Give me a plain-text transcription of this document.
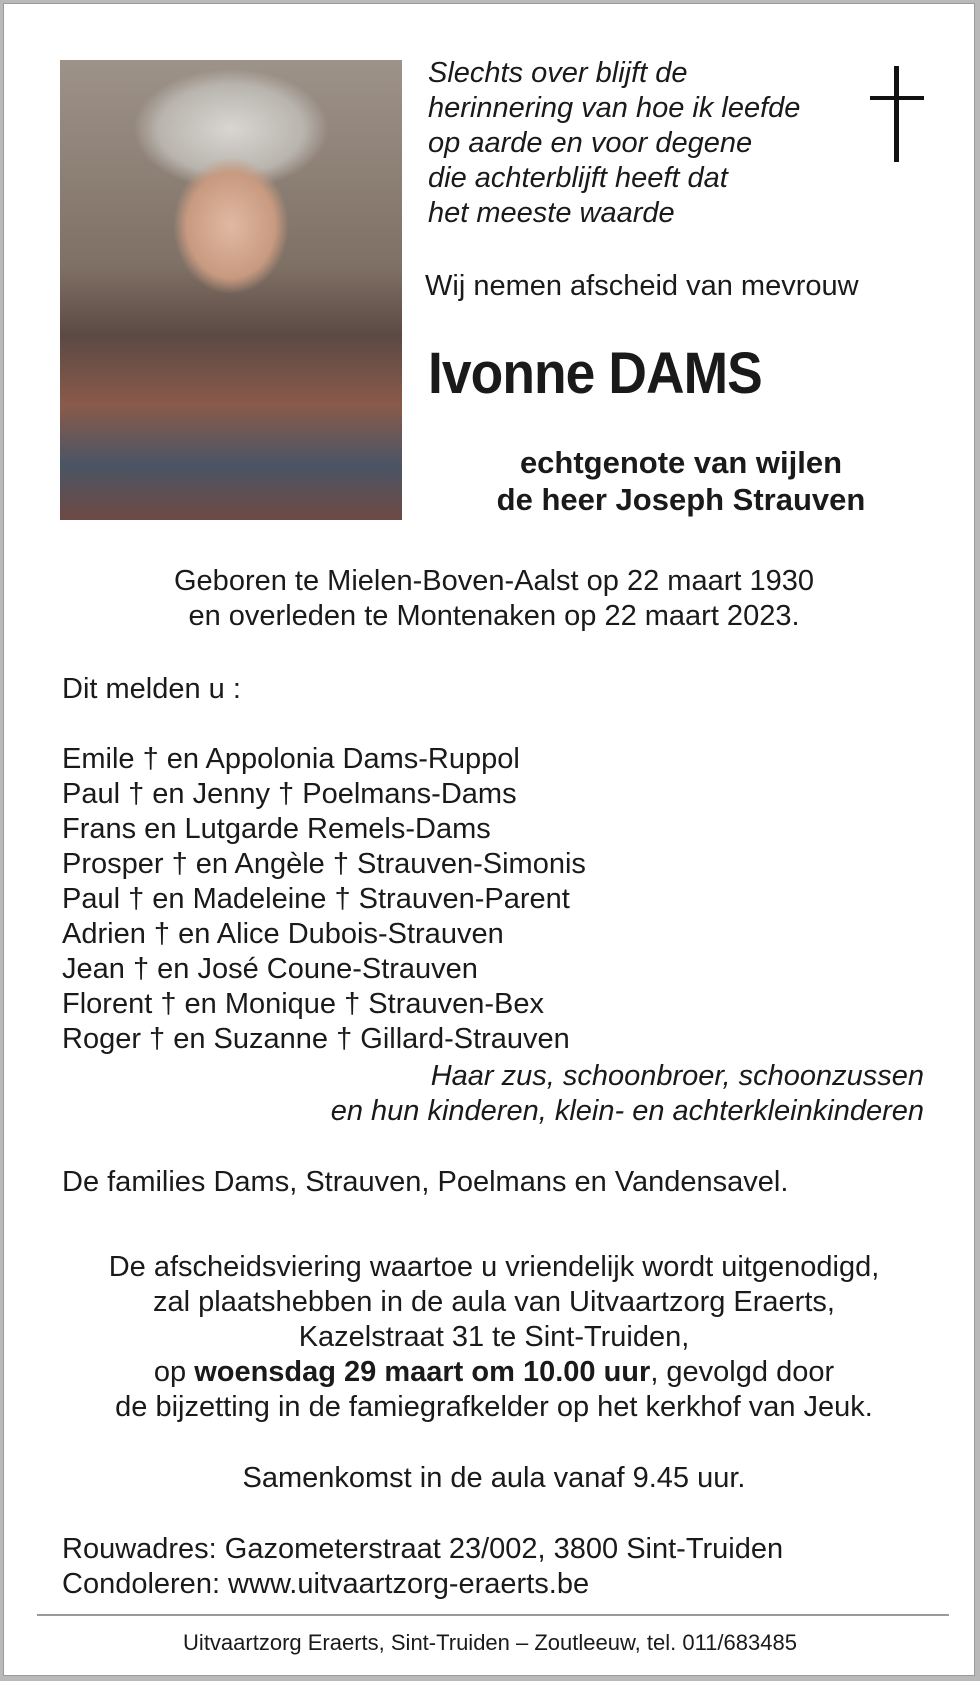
Slechts over blijft de
herinnering van hoe ik leefde
op aarde en voor degene
die achterblijft heeft dat
het meeste waarde
Wij nemen afscheid van mevrouw
Ivonne DAMS
echtgenote van wijlen
de heer Joseph Strauven
Geboren te Mielen-Boven-Aalst op 22 maart 1930
en overleden te Montenaken op 22 maart 2023.
Dit melden u :
Emile † en Appolonia Dams-Ruppol
Paul † en Jenny † Poelmans-Dams
Frans en Lutgarde Remels-Dams
Prosper † en Angèle † Strauven-Simonis
Paul † en Madeleine † Strauven-Parent
Adrien † en Alice Dubois-Strauven
Jean † en José Coune-Strauven
Florent † en Monique † Strauven-Bex
Roger † en Suzanne † Gillard-Strauven
Haar zus, schoonbroer, schoonzussen
en hun kinderen, klein- en achterkleinkinderen
De families Dams, Strauven, Poelmans en Vandensavel.
De afscheidsviering waartoe u vriendelijk wordt uitgenodigd,
zal plaatshebben in de aula van Uitvaartzorg Eraerts,
Kazelstraat 31 te Sint-Truiden,
op woensdag 29 maart om 10.00 uur, gevolgd door
de bijzetting in de famiegrafkelder op het kerkhof van Jeuk.
Samenkomst in de aula vanaf 9.45 uur.
Rouwadres: Gazometerstraat 23/002, 3800 Sint-Truiden
Condoleren: www.uitvaartzorg-eraerts.be
Uitvaartzorg Eraerts, Sint-Truiden – Zoutleeuw, tel. 011/683485
